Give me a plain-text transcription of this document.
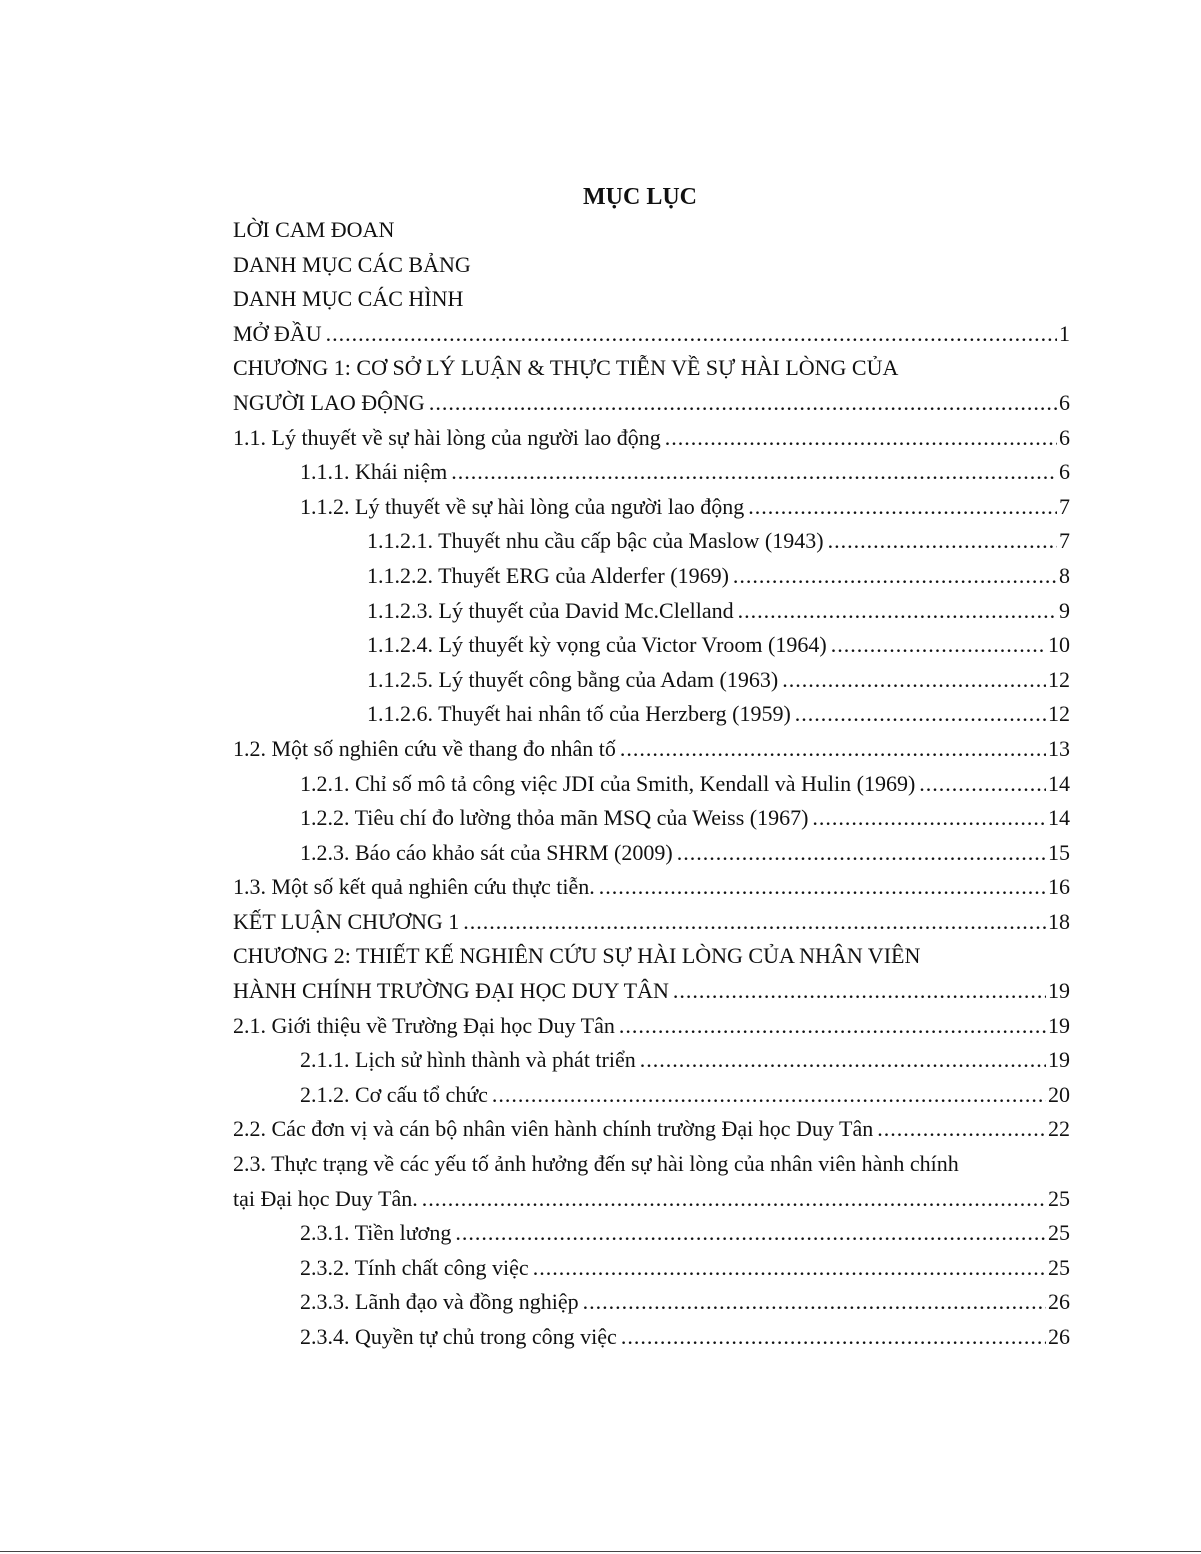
MỤC LỤC
LỜI CAM ĐOAN
DANH MỤC CÁC BẢNG
DANH MỤC CÁC HÌNH
MỞ ĐẦU .....	1
CHƯƠNG 1: CƠ SỞ LÝ LUẬN & THỰC TIỄN VỀ SỰ HÀI LÒNG CỦA
NGƯỜI LAO ĐỘNG .....	6
1.1. Lý thuyết về sự hài lòng của người lao động .....	6
1.1.1. Khái niệm .....	6
1.1.2. Lý thuyết về sự hài lòng của người lao động .....	7
1.1.2.1. Thuyết nhu cầu cấp bậc của Maslow (1943) .....	7
1.1.2.2. Thuyết ERG của Alderfer (1969) .....	8
1.1.2.3. Lý thuyết của David Mc.Clelland .....	9
1.1.2.4. Lý thuyết kỳ vọng của Victor Vroom (1964) .....	10
1.1.2.5. Lý thuyết công bằng của Adam (1963) .....	12
1.1.2.6. Thuyết hai nhân tố của Herzberg (1959) .....	12
1.2. Một số nghiên cứu về thang đo nhân tố .....	13
1.2.1. Chỉ số mô tả công việc JDI của Smith, Kendall và Hulin (1969) .....	14
1.2.2. Tiêu chí đo lường thỏa mãn MSQ của Weiss (1967) .....	14
1.2.3. Báo cáo khảo sát của SHRM (2009) .....	15
1.3. Một số kết quả nghiên cứu thực tiễn. .....	16
KẾT LUẬN CHƯƠNG 1 .....	18
CHƯƠNG 2: THIẾT KẾ NGHIÊN CỨU SỰ HÀI LÒNG CỦA NHÂN VIÊN
HÀNH CHÍNH TRƯỜNG ĐẠI HỌC DUY TÂN .....	19
2.1. Giới thiệu về Trường Đại học Duy Tân .....	19
2.1.1. Lịch sử hình thành và phát triển .....	19
2.1.2. Cơ cấu tổ chức .....	20
2.2. Các đơn vị và cán bộ nhân viên hành chính trường Đại học Duy Tân .....	22
2.3. Thực trạng về các yếu tố ảnh hưởng đến sự hài lòng của nhân viên hành chính
tại Đại học Duy Tân. .....	25
2.3.1. Tiền lương .....	25
2.3.2. Tính chất công việc .....	25
2.3.3. Lãnh đạo và đồng nghiệp .....	26
2.3.4. Quyền tự chủ trong công việc .....	26
